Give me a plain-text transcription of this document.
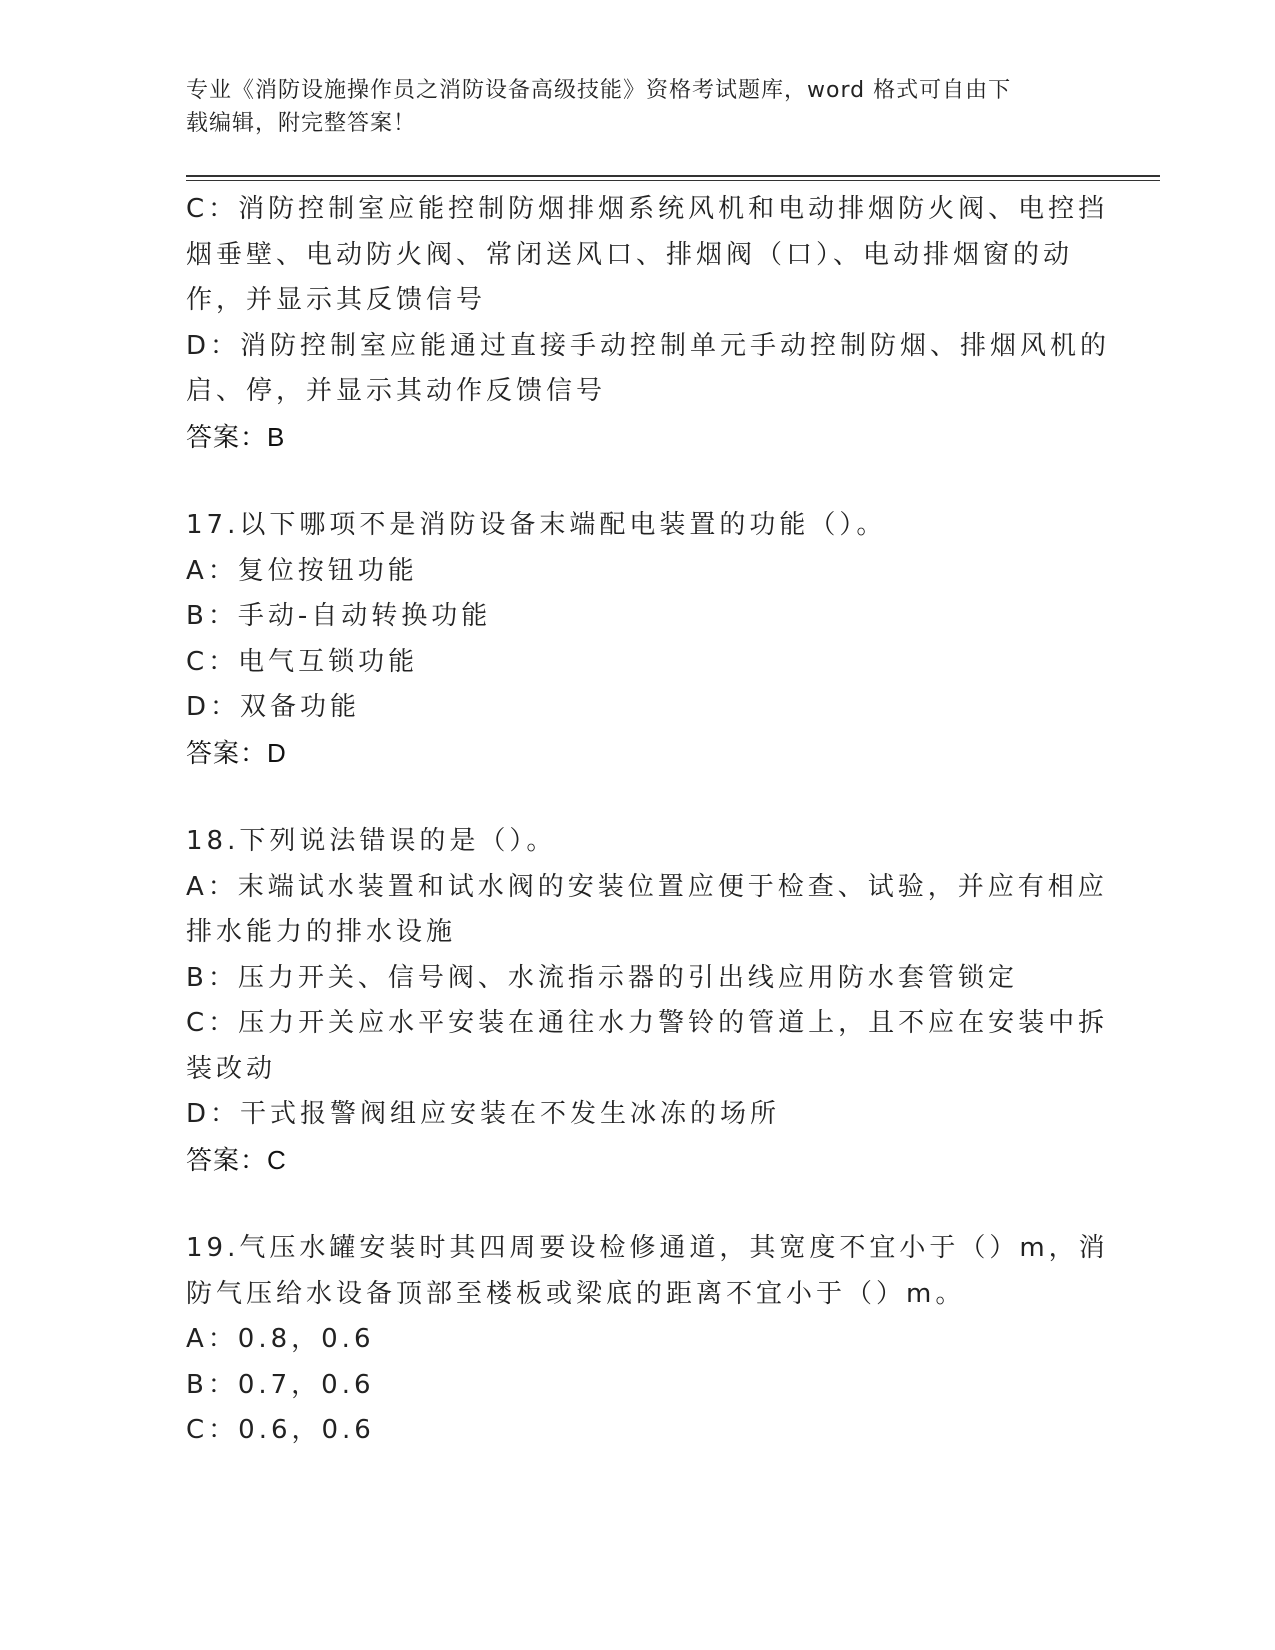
专业《消防设施操作员之消防设备高级技能》资格考试题库，word 格式可自由下
载编辑，附完整答案！
C：消防控制室应能控制防烟排烟系统风机和电动排烟防火阀、电控挡
烟垂壁、电动防火阀、常闭送风口、排烟阀（口）、电动排烟窗的动
作，并显示其反馈信号
D：消防控制室应能通过直接手动控制单元手动控制防烟、排烟风机的
启、停，并显示其动作反馈信号
答案：B
17.以下哪项不是消防设备末端配电装置的功能（）。
A：复位按钮功能
B：手动-自动转换功能
C：电气互锁功能
D：双备功能
答案：D
18.下列说法错误的是（）。
A：末端试水装置和试水阀的安装位置应便于检查、试验，并应有相应
排水能力的排水设施
B：压力开关、信号阀、水流指示器的引出线应用防水套管锁定
C：压力开关应水平安装在通往水力警铃的管道上，且不应在安装中拆
装改动
D：干式报警阀组应安装在不发生冰冻的场所
答案：C
19.气压水罐安装时其四周要设检修通道，其宽度不宜小于（）m，消
防气压给水设备顶部至楼板或梁底的距离不宜小于（）m。
A：0.8，0.6
B：0.7，0.6
C：0.6，0.6
